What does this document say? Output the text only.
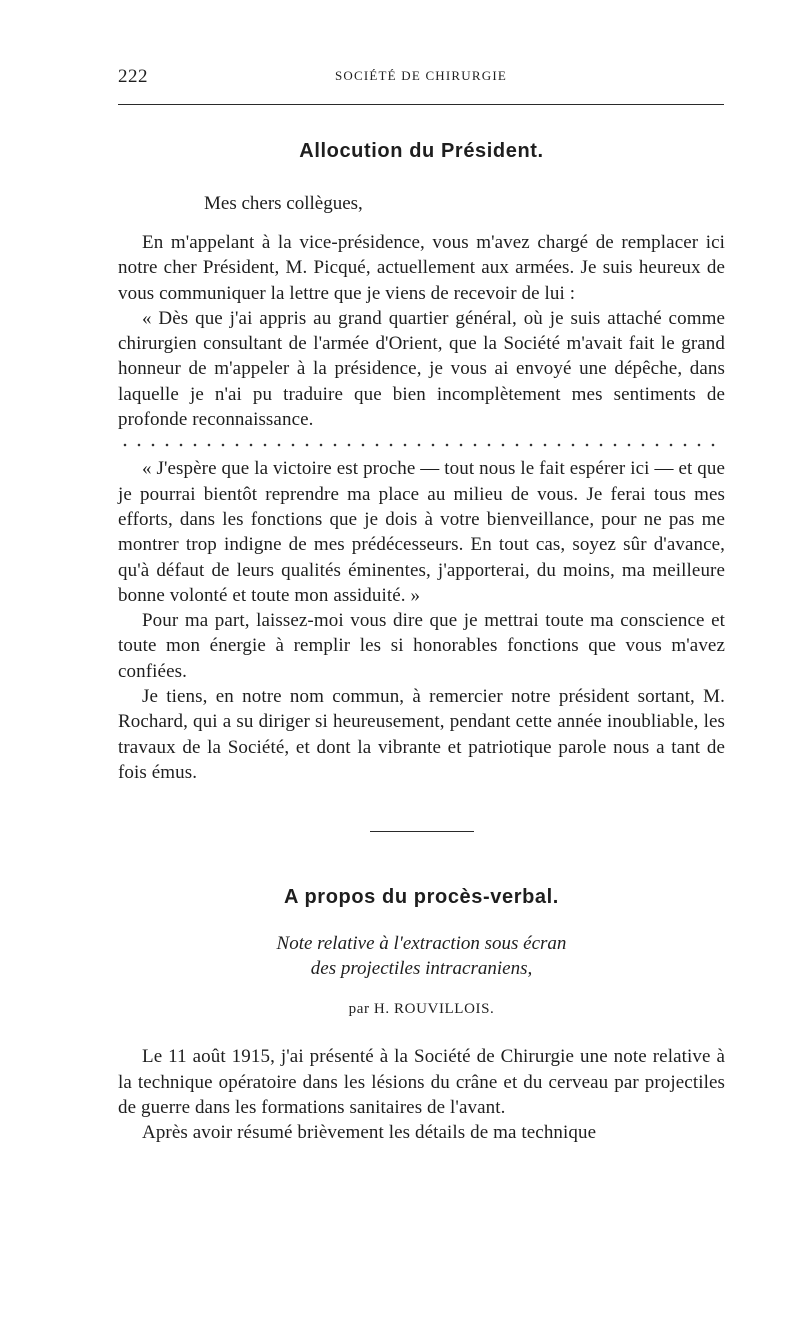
222	SOCIÉTÉ DE CHIRURGIE
Allocution du Président.
Mes chers collègues,

En m'appelant à la vice-présidence, vous m'avez chargé de remplacer ici notre cher Président, M. Picqué, actuellement aux armées. Je suis heureux de vous communiquer la lettre que je viens de recevoir de lui :

« Dès que j'ai appris au grand quartier général, où je suis attaché comme chirurgien consultant de l'armée d'Orient, que la Société m'avait fait le grand honneur de m'appeler à la présidence, je vous ai envoyé une dépêche, dans laquelle je n'ai pu traduire que bien incomplètement mes sentiments de profonde reconnaissance.

« J'espère que la victoire est proche — tout nous le fait espérer ici — et que je pourrai bientôt reprendre ma place au milieu de vous. Je ferai tous mes efforts, dans les fonctions que je dois à votre bienveillance, pour ne pas me montrer trop indigne de mes prédécesseurs. En tout cas, soyez sûr d'avance, qu'à défaut de leurs qualités éminentes, j'apporterai, du moins, ma meilleure bonne volonté et toute mon assiduité. »

Pour ma part, laissez-moi vous dire que je mettrai toute ma conscience et toute mon énergie à remplir les si honorables fonctions que vous m'avez confiées.

Je tiens, en notre nom commun, à remercier notre président sortant, M. Rochard, qui a su diriger si heureusement, pendant cette année inoubliable, les travaux de la Société, et dont la vibrante et patriotique parole nous a tant de fois émus.

A propos du procès-verbal.
Note relative à l'extraction sous écran
des projectiles intracraniens,
par H. ROUVILLOIS.

Le 11 août 1915, j'ai présenté à la Société de Chirurgie une note relative à la technique opératoire dans les lésions du crâne et du cerveau par projectiles de guerre dans les formations sanitaires de l'avant.

Après avoir résumé brièvement les détails de ma technique
